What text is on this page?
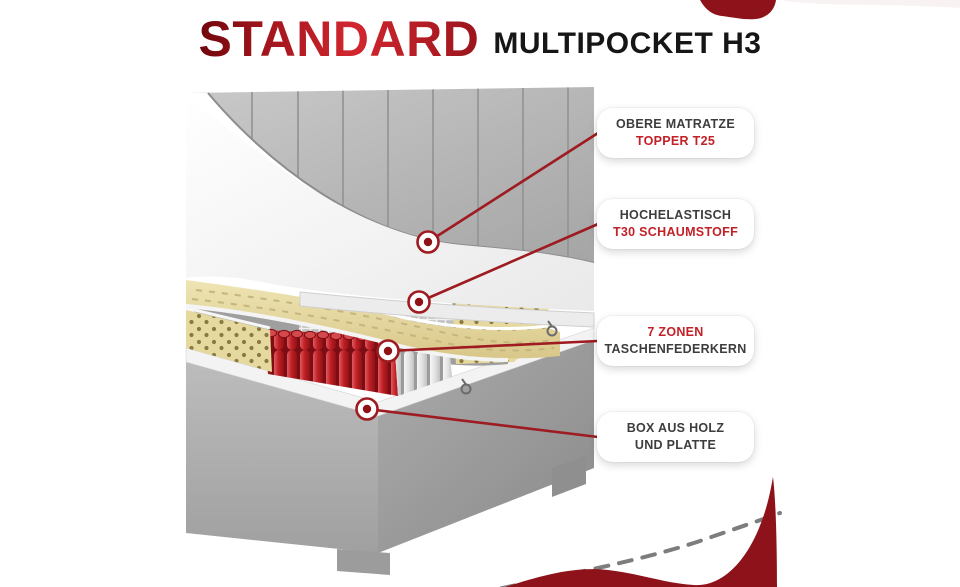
STANDARD MULTIPOCKET H3
OBERE MATRATZE
TOPPER T25
HOCHELASTISCH
T30 SCHAUMSTOFF
7 ZONEN
TASCHENFEDERKERN
BOX AUS HOLZ
UND PLATTE
